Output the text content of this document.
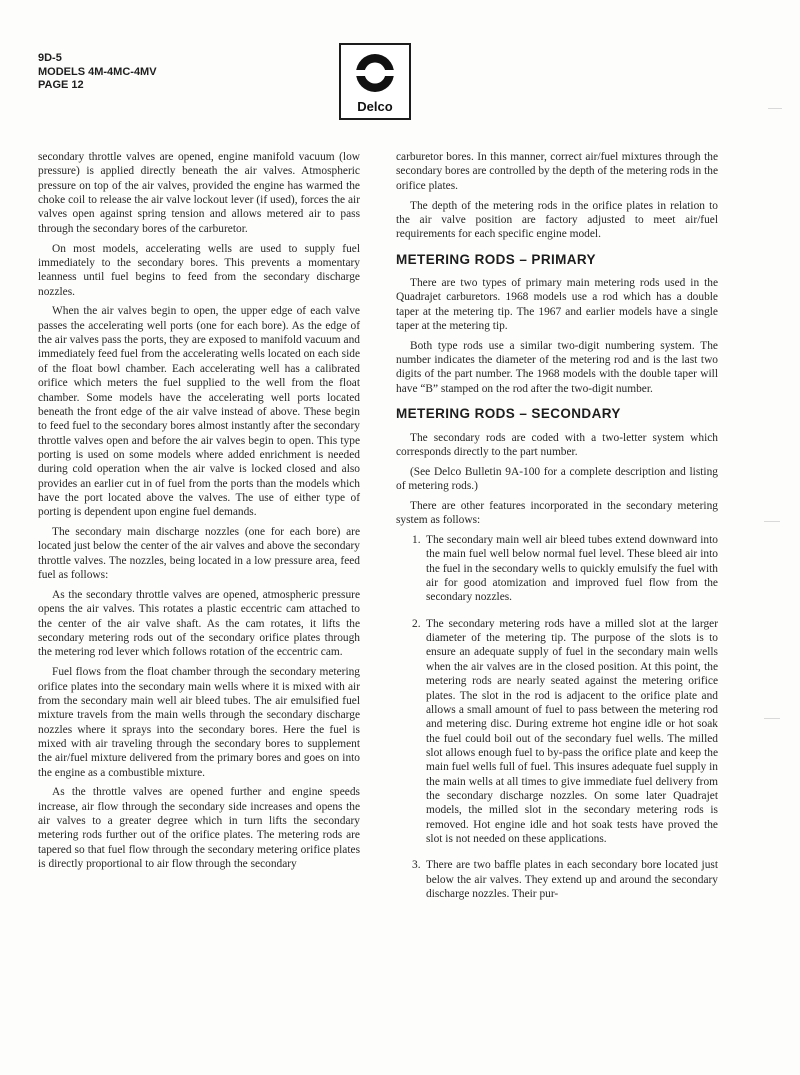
9D-5
MODELS 4M-4MC-4MV
PAGE 12
Delco

secondary throttle valves are opened, engine manifold vacuum (low pressure) is applied directly beneath the air valves. Atmospheric pressure on top of the air valves, provided the engine has warmed the choke coil to release the air valve lockout lever (if used), forces the air valves open against spring tension and allows metered air to pass through the secondary bores of the carburetor.

On most models, accelerating wells are used to supply fuel immediately to the secondary bores. This prevents a momentary leanness until fuel begins to feed from the secondary discharge nozzles.

When the air valves begin to open, the upper edge of each valve passes the accelerating well ports (one for each bore). As the edge of the air valves pass the ports, they are exposed to manifold vacuum and immediately feed fuel from the accelerating wells located on each side of the float bowl chamber. Each accelerating well has a calibrated orifice which meters the fuel supplied to the well from the float chamber. Some models have the accelerating well ports located beneath the front edge of the air valve instead of above. These begin to feed fuel to the secondary bores almost instantly after the secondary throttle valves open and before the air valves begin to open. This type porting is used on some models where added enrichment is needed during cold operation when the air valve is locked closed and also provides an earlier cut in of fuel from the ports than the models which have the port located above the valves. The use of either type of porting is dependent upon engine fuel demands.

The secondary main discharge nozzles (one for each bore) are located just below the center of the air valves and above the secondary throttle valves. The nozzles, being located in a low pressure area, feed fuel as follows:

As the secondary throttle valves are opened, atmospheric pressure opens the air valves. This rotates a plastic eccentric cam attached to the center of the air valve shaft. As the cam rotates, it lifts the secondary metering rods out of the secondary orifice plates through the metering rod lever which follows rotation of the eccentric cam.

Fuel flows from the float chamber through the secondary metering orifice plates into the secondary main wells where it is mixed with air from the secondary main well air bleed tubes. The air emulsified fuel mixture travels from the main wells through the secondary discharge nozzles where it sprays into the secondary bores. Here the fuel is mixed with air traveling through the secondary bores to supplement the air/fuel mixture delivered from the primary bores and goes on into the engine as a combustible mixture.

As the throttle valves are opened further and engine speeds increase, air flow through the secondary side increases and opens the air valves to a greater degree which in turn lifts the secondary metering rods further out of the orifice plates. The metering rods are tapered so that fuel flow through the secondary metering orifice plates is directly proportional to air flow through the secondary

carburetor bores. In this manner, correct air/fuel mixtures through the secondary bores are controlled by the depth of the metering rods in the orifice plates.

The depth of the metering rods in the orifice plates in relation to the air valve position are factory adjusted to meet air/fuel requirements for each specific engine model.

METERING RODS – PRIMARY

There are two types of primary main metering rods used in the Quadrajet carburetors. 1968 models use a rod which has a double taper at the metering tip. The 1967 and earlier models have a single taper at the metering tip.

Both type rods use a similar two-digit numbering system. The number indicates the diameter of the metering rod and is the last two digits of the part number. The 1968 models with the double taper will have “B” stamped on the rod after the two-digit number.

METERING RODS – SECONDARY

The secondary rods are coded with a two-letter system which corresponds directly to the part number.

(See Delco Bulletin 9A-100 for a complete description and listing of metering rods.)

There are other features incorporated in the secondary metering system as follows:

1. The secondary main well air bleed tubes extend downward into the main fuel well below normal fuel level. These bleed air into the fuel in the secondary wells to quickly emulsify the fuel with air for good atomization and improved fuel flow from the secondary nozzles.
2. The secondary metering rods have a milled slot at the larger diameter of the metering tip. The purpose of the slots is to ensure an adequate supply of fuel in the secondary main wells when the air valves are in the closed position. At this point, the metering rods are nearly seated against the metering orifice plates. The slot in the rod is adjacent to the orifice plate and allows a small amount of fuel to pass between the metering rod and metering disc. During extreme hot engine idle or hot soak the fuel could boil out of the secondary fuel wells. The milled slot allows enough fuel to by-pass the orifice plate and keep the main fuel wells full of fuel. This insures adequate fuel supply in the main wells at all times to give immediate fuel delivery from the secondary discharge nozzles. On some later Quadrajet models, the milled slot in the secondary metering rods is removed. Hot engine idle and hot soak tests have proved the slot is not needed on these applications.
3. There are two baffle plates in each secondary bore located just below the air valves. They extend up and around the secondary discharge nozzles. Their pur-
